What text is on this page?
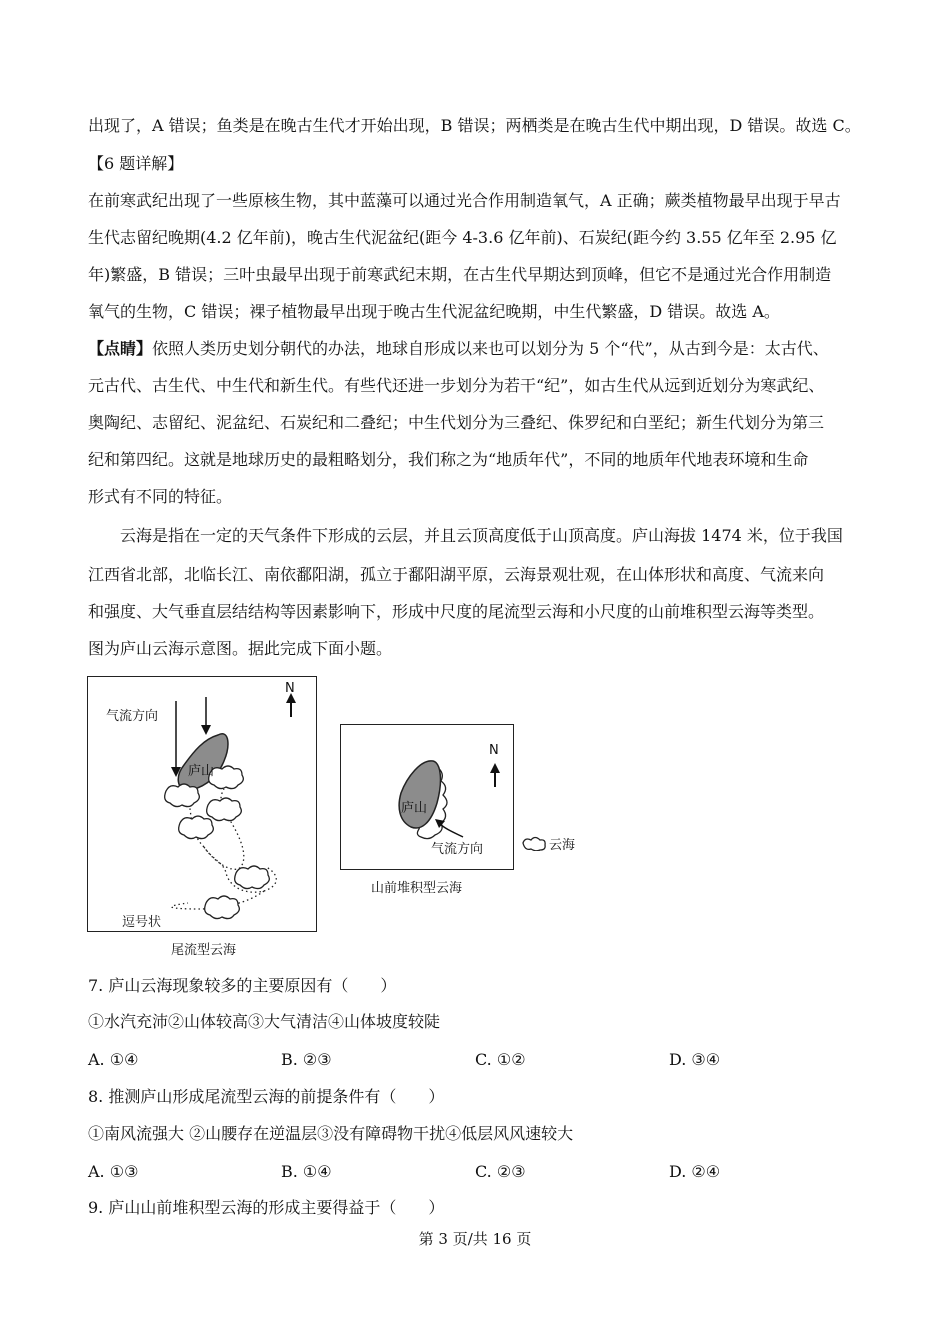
出现了，A 错误；鱼类是在晚古生代才开始出现，B 错误；两栖类是在晚古生代中期出现，D 错误。故选 C。
【6 题详解】
在前寒武纪出现了一些原核生物，其中蓝藻可以通过光合作用制造氧气，A 正确；蕨类植物最早出现于早古
生代志留纪晚期(4.2 亿年前)，晚古生代泥盆纪(距今 4-3.6 亿年前)、石炭纪(距今约 3.55 亿年至 2.95 亿
年)繁盛，B 错误；三叶虫最早出现于前寒武纪末期，在古生代早期达到顶峰，但它不是通过光合作用制造
氧气的生物，C 错误；裸子植物最早出现于晚古生代泥盆纪晚期，中生代繁盛，D 错误。故选 A。
【点睛】依照人类历史划分朝代的办法，地球自形成以来也可以划分为 5 个“代”，从古到今是：太古代、
元古代、古生代、中生代和新生代。有些代还进一步划分为若干“纪”，如古生代从远到近划分为寒武纪、
奥陶纪、志留纪、泥盆纪、石炭纪和二叠纪；中生代划分为三叠纪、侏罗纪和白垩纪；新生代划分为第三
纪和第四纪。这就是地球历史的最粗略划分，我们称之为“地质年代”，不同的地质年代地表环境和生命
形式有不同的特征。
云海是指在一定的天气条件下形成的云层，并且云顶高度低于山顶高度。庐山海拔 1474 米，位于我国
江西省北部，北临长江、南依鄱阳湖，孤立于鄱阳湖平原，云海景观壮观，在山体形状和高度、气流来向
和强度、大气垂直层结结构等因素影响下，形成中尺度的尾流型云海和小尺度的山前堆积型云海等类型。
图为庐山云海示意图。据此完成下面小题。
气流方向
N
庐山
逗号状
尾流型云海
庐山
气流方向
N
山前堆积型云海
云海
7. 庐山云海现象较多的主要原因有（　　）
①水汽充沛②山体较高③大气清洁④山体坡度较陡
A. ①④	B. ②③	C. ①②	D. ③④
8. 推测庐山形成尾流型云海的前提条件有（　　）
①南风流强大 ②山腰存在逆温层③没有障碍物干扰④低层风风速较大
A. ①③	B. ①④	C. ②③	D. ②④
9. 庐山山前堆积型云海的形成主要得益于（　　）
第 3 页/共 16 页
